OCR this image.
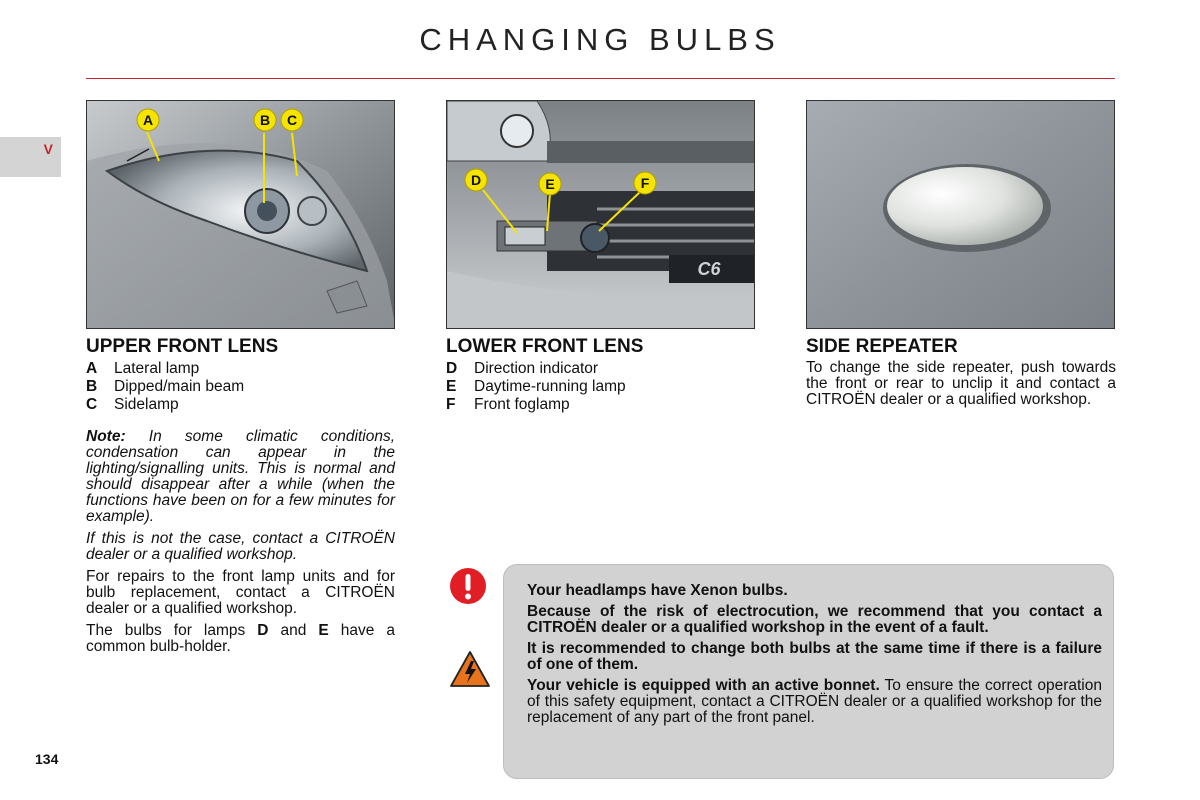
CHANGING BULBS
V
A	B C
C6
D	E	F
UPPER FRONT LENS
A	Lateral lamp
B	Dipped/main beam
C	Sidelamp
LOWER FRONT LENS
D	Direction indicator
E	Daytime-running lamp
F	Front foglamp
SIDE REPEATER

To change the side repeater, push towards the front or rear to unclip it and contact a CITROËN dealer or a qualified workshop.

Note: In some climatic conditions, condensation can appear in the lighting/signalling units. This is normal and should disappear after a while (when the functions have been on for a few minutes for example).

If this is not the case, contact a CITROËN dealer or a qualified workshop.

For repairs to the front lamp units and for bulb replacement, contact a CITROËN dealer or a qualified workshop.

The bulbs for lamps D and E have a common bulb-holder.

Your headlamps have Xenon bulbs.

Because of the risk of electrocution, we recommend that you contact a CITROËN dealer or a qualified workshop in the event of a fault.

It is recommended to change both bulbs at the same time if there is a failure of one of them.

Your vehicle is equipped with an active bonnet. To ensure the correct operation of this safety equipment, contact a CITROËN dealer or a qualified workshop for the replacement of any part of the front panel.

134
